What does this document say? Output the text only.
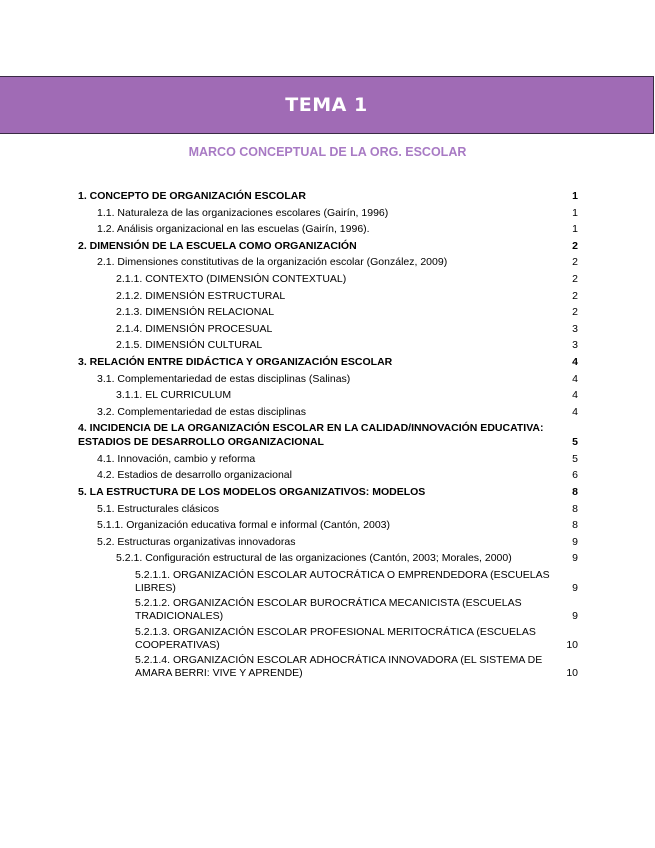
TEMA 1
MARCO CONCEPTUAL DE LA ORG. ESCOLAR
1. CONCEPTO DE ORGANIZACIÓN ESCOLAR	1
1.1. Naturaleza de las organizaciones escolares (Gairín, 1996)	1
1.2. Análisis organizacional en las escuelas (Gairín, 1996).	1
2. DIMENSIÓN DE LA ESCUELA COMO ORGANIZACIÓN	2
2.1. Dimensiones constitutivas de la organización escolar (González, 2009)	2
2.1.1. CONTEXTO (DIMENSIÓN CONTEXTUAL)	2
2.1.2. DIMENSIÓN ESTRUCTURAL	2
2.1.3. DIMENSIÓN RELACIONAL	2
2.1.4. DIMENSIÓN PROCESUAL	3
2.1.5. DIMENSIÓN CULTURAL	3
3. RELACIÓN ENTRE DIDÁCTICA Y ORGANIZACIÓN ESCOLAR	4
3.1. Complementariedad de estas disciplinas (Salinas)	4
3.1.1. EL CURRICULUM	4
3.2. Complementariedad de estas disciplinas	4
4. INCIDENCIA DE LA ORGANIZACIÓN ESCOLAR EN LA CALIDAD/INNOVACIÓN EDUCATIVA: ESTADIOS DE DESARROLLO ORGANIZACIONAL	5
4.1. Innovación, cambio y reforma	5
4.2. Estadios de desarrollo organizacional	6
5. LA ESTRUCTURA DE LOS MODELOS ORGANIZATIVOS: MODELOS	8
5.1. Estructurales clásicos	8
5.1.1. Organización educativa formal e informal (Cantón, 2003)	8
5.2. Estructuras organizativas innovadoras	9
5.2.1. Configuración estructural de las organizaciones (Cantón, 2003; Morales, 2000)	9
5.2.1.1. ORGANIZACIÓN ESCOLAR AUTOCRÁTICA O EMPRENDEDORA (ESCUELAS LIBRES)	9
5.2.1.2. ORGANIZACIÓN ESCOLAR BUROCRÁTICA MECANICISTA (ESCUELAS TRADICIONALES)	9
5.2.1.3. ORGANIZACIÓN ESCOLAR PROFESIONAL MERITOCRÁTICA (ESCUELAS COOPERATIVAS)	10
5.2.1.4. ORGANIZACIÓN ESCOLAR ADHOCRÁTICA INNOVADORA (EL SISTEMA DE AMARA BERRI: VIVE Y APRENDE)	10
